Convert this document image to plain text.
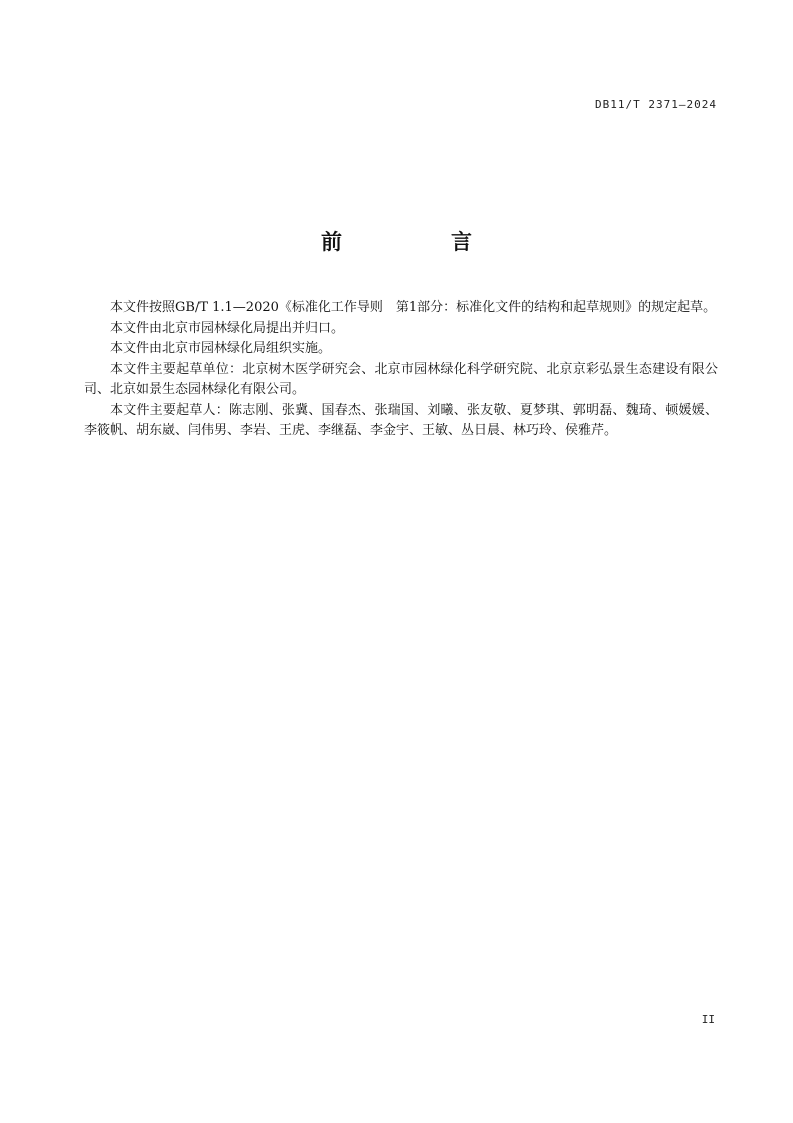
DB11/T 2371—2024
前　言

本文件按照GB/T 1.1—2020《标准化工作导则　第1部分：标准化文件的结构和起草规则》的规定起草。

本文件由北京市园林绿化局提出并归口。

本文件由北京市园林绿化局组织实施。

本文件主要起草单位：北京树木医学研究会、北京市园林绿化科学研究院、北京京彩弘景生态建设有限公司、北京如景生态园林绿化有限公司。

本文件主要起草人：陈志刚、张冀、国春杰、张瑞国、刘曦、张友敬、夏梦琪、郭明磊、魏琦、顿媛媛、李筱帆、胡东崴、闫伟男、李岩、王虎、李继磊、李金宇、王敏、丛日晨、林巧玲、侯雅芹。

II
